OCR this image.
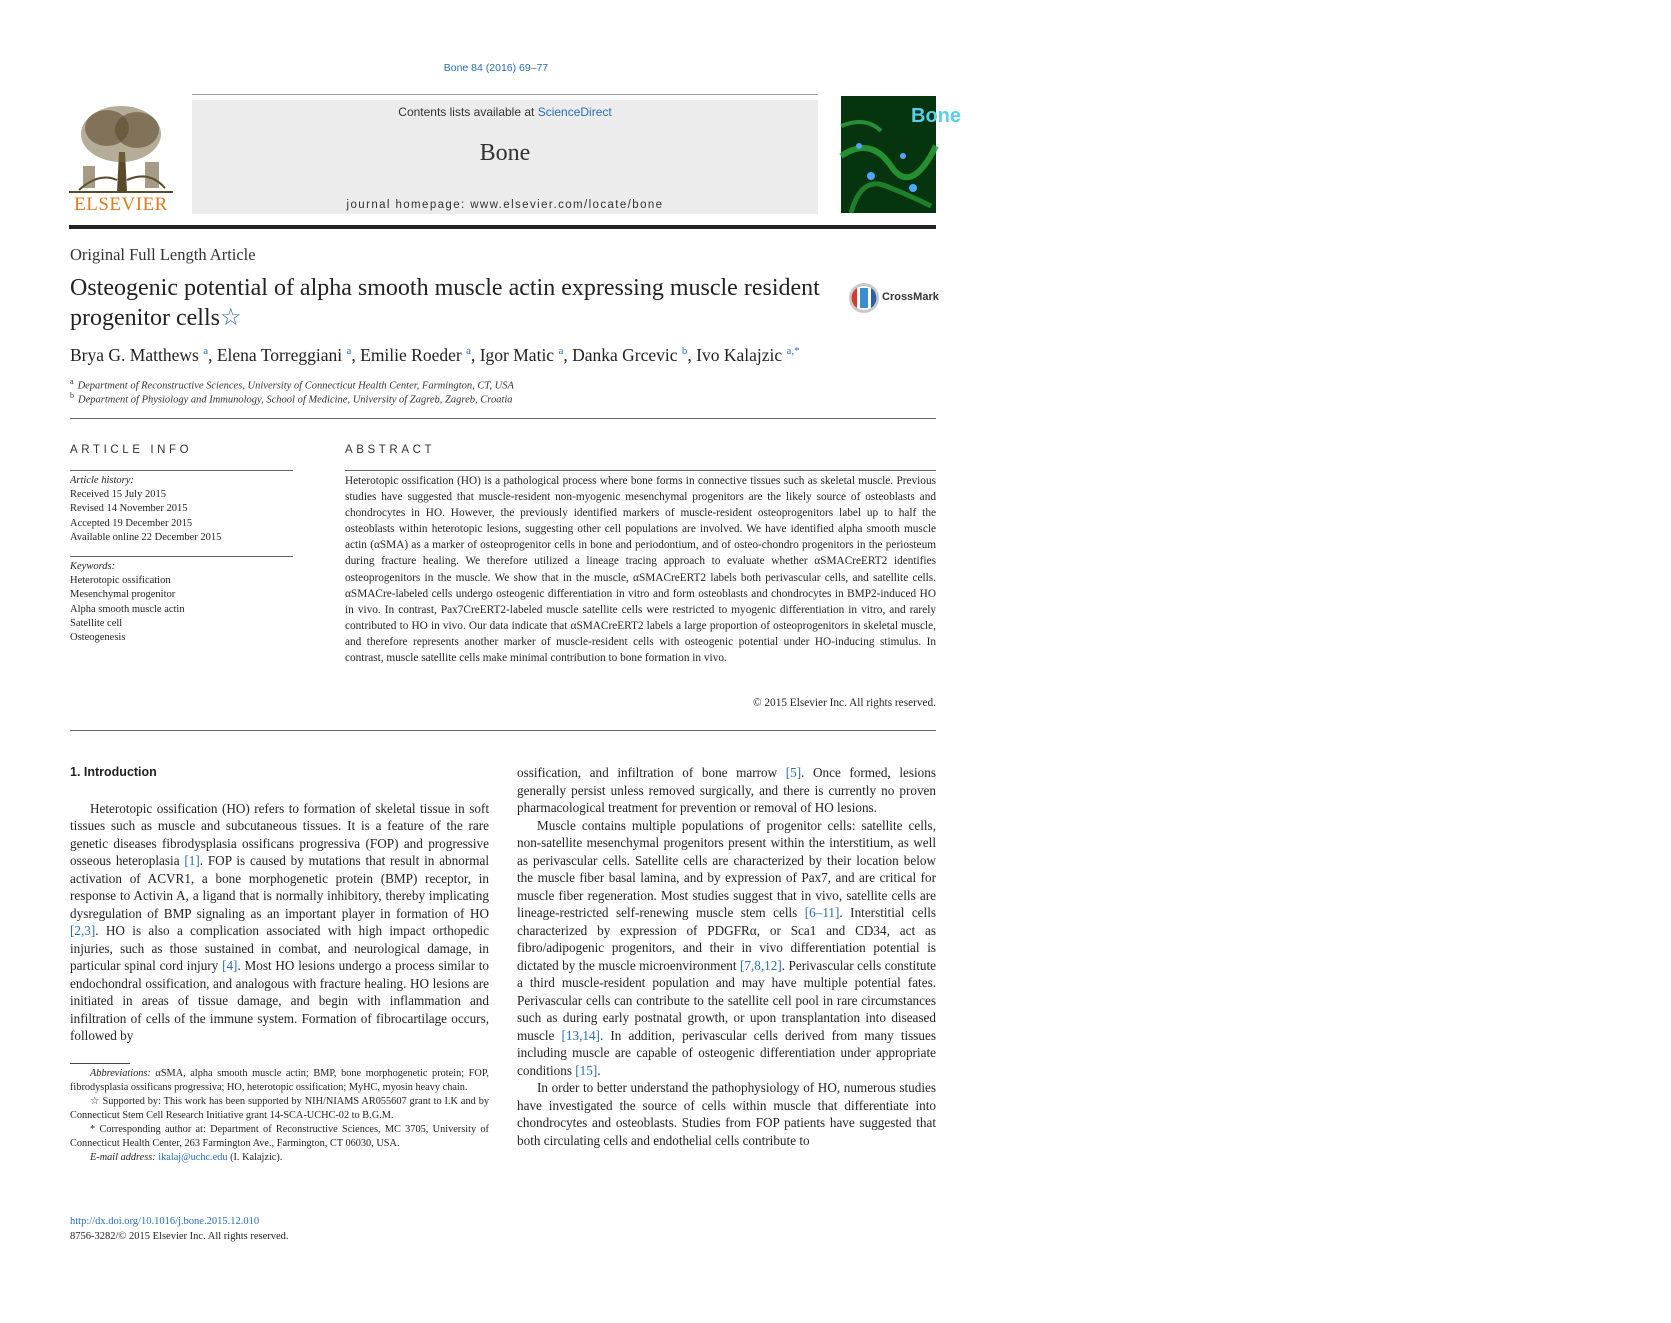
Bone 84 (2016) 69–77
ELSEVIER
Contents lists available at ScienceDirect
Bone
journal homepage: www.elsevier.com/locate/bone
Bone
Original Full Length Article
Osteogenic potential of alpha smooth muscle actin expressing muscle resident progenitor cells☆
CrossMark
Brya G. Matthews $^a$, Elena Torreggiani $^a$, Emilie Roeder $^a$, Igor Matic $^a$, Danka Grcevic $^b$, Ivo Kalajzic $^{a,*}$
$^a$ Department of Reconstructive Sciences, University of Connecticut Health Center, Farmington, CT, USA
$^b$ Department of Physiology and Immunology, School of Medicine, University of Zagreb, Zagreb, Croatia
ARTICLE INFO
Article history:
Received 15 July 2015
Revised 14 November 2015
Accepted 19 December 2015
Available online 22 December 2015
Keywords:
Heterotopic ossification
Mesenchymal progenitor
Alpha smooth muscle actin
Satellite cell
Osteogenesis
ABSTRACT
Heterotopic ossification (HO) is a pathological process where bone forms in connective tissues such as skeletal muscle. Previous studies have suggested that muscle-resident non-myogenic mesenchymal progenitors are the likely source of osteoblasts and chondrocytes in HO. However, the previously identified markers of muscle-resident osteoprogenitors label up to half the osteoblasts within heterotopic lesions, suggesting other cell populations are involved. We have identified alpha smooth muscle actin (αSMA) as a marker of osteoprogenitor cells in bone and periodontium, and of osteo-chondro progenitors in the periosteum during fracture healing. We therefore utilized a lineage tracing approach to evaluate whether αSMACreERT2 identifies osteoprogenitors in the muscle. We show that in the muscle, αSMACreERT2 labels both perivascular cells, and satellite cells. αSMACre-labeled cells undergo osteogenic differentiation in vitro and form osteoblasts and chondrocytes in BMP2-induced HO in vivo. In contrast, Pax7CreERT2-labeled muscle satellite cells were restricted to myogenic differentiation in vitro, and rarely contributed to HO in vivo. Our data indicate that αSMACreERT2 labels a large proportion of osteoprogenitors in skeletal muscle, and therefore represents another marker of muscle-resident cells with osteogenic potential under HO-inducing stimulus. In contrast, muscle satellite cells make minimal contribution to bone formation in vivo.
© 2015 Elsevier Inc. All rights reserved.
1. Introduction

Heterotopic ossification (HO) refers to formation of skeletal tissue in soft tissues such as muscle and subcutaneous tissues. It is a feature of the rare genetic diseases fibrodysplasia ossificans progressiva (FOP) and progressive osseous heteroplasia [1]. FOP is caused by mutations that result in abnormal activation of ACVR1, a bone morphogenetic protein (BMP) receptor, in response to Activin A, a ligand that is normally inhibitory, thereby implicating dysregulation of BMP signaling as an important player in formation of HO [2,3]. HO is also a complication associated with high impact orthopedic injuries, such as those sustained in combat, and neurological damage, in particular spinal cord injury [4]. Most HO lesions undergo a process similar to endochondral ossification, and analogous with fracture healing. HO lesions are initiated in areas of tissue damage, and begin with inflammation and infiltration of cells of the immune system. Formation of fibrocartilage occurs, followed by

Abbreviations: αSMA, alpha smooth muscle actin; BMP, bone morphogenetic protein; FOP, fibrodysplasia ossificans progressiva; HO, heterotopic ossification; MyHC, myosin heavy chain.

☆ Supported by: This work has been supported by NIH/NIAMS AR055607 grant to I.K and by Connecticut Stem Cell Research Initiative grant 14-SCA-UCHC-02 to B.G.M.

* Corresponding author at: Department of Reconstructive Sciences, MC 3705, University of Connecticut Health Center, 263 Farmington Ave., Farmington, CT 06030, USA.

E-mail address: ikalaj@uchc.edu (I. Kalajzic).

http://dx.doi.org/10.1016/j.bone.2015.12.010
8756-3282/© 2015 Elsevier Inc. All rights reserved.

ossification, and infiltration of bone marrow [5]. Once formed, lesions generally persist unless removed surgically, and there is currently no proven pharmacological treatment for prevention or removal of HO lesions.

Muscle contains multiple populations of progenitor cells: satellite cells, non-satellite mesenchymal progenitors present within the interstitium, as well as perivascular cells. Satellite cells are characterized by their location below the muscle fiber basal lamina, and by expression of Pax7, and are critical for muscle fiber regeneration. Most studies suggest that in vivo, satellite cells are lineage-restricted self-renewing muscle stem cells [6–11]. Interstitial cells characterized by expression of PDGFRα, or Sca1 and CD34, act as fibro/adipogenic progenitors, and their in vivo differentiation potential is dictated by the muscle microenvironment [7,8,12]. Perivascular cells constitute a third muscle-resident population and may have multiple potential fates. Perivascular cells can contribute to the satellite cell pool in rare circumstances such as during early postnatal growth, or upon transplantation into diseased muscle [13,14]. In addition, perivascular cells derived from many tissues including muscle are capable of osteogenic differentiation under appropriate conditions [15].

In order to better understand the pathophysiology of HO, numerous studies have investigated the source of cells within muscle that differentiate into chondrocytes and osteoblasts. Studies from FOP patients have suggested that both circulating cells and endothelial cells contribute to
